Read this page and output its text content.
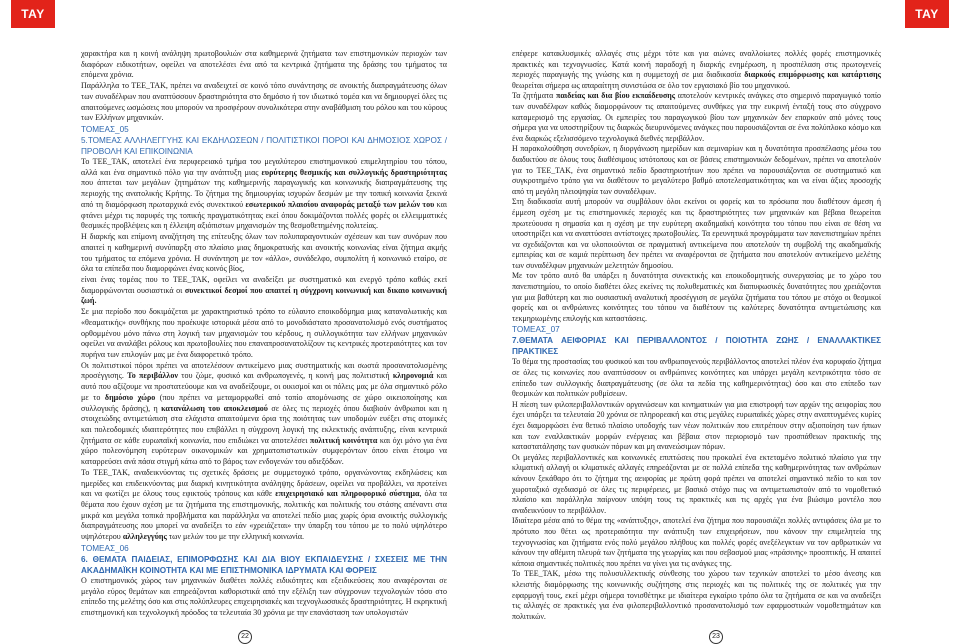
ΤΑΥ	ΤΑΥ

χαρακτήρα και η κοινή ανάληψη πρωτοβουλιών στα καθημερινά ζητήματα των επιστημονικών περιοχών των διαφόρων ειδικοτήτων, οφείλει να αποτελέσει ένα από τα κεντρικά ζητήματα της δράσης του τμήματος τα επόμενα χρόνια.

Παράλληλα το ΤΕΕ_ΤΑΚ, πρέπει να αναδειχτεί σε κοινό τόπο συνάντησης σε ανοικτής διαπραγμάτευσης όλων των συναδέλφων που αναπτύσσουν δραστηριότητα στο δημόσιο ή τον ιδιωτικό τομέα και να δημιουργεί όλες τις απαιτούμενες ωσμώσεις που μπορούν να προσφέρουν συνολικότερα στην αναβάθμιση του ρόλου και του κύρους των Ελλήνων μηχανικών.

ΤΟΜΕΑΣ_05

5.ΤΟΜΕΑΣ ΑΛΛΗΛΕΓΓΥΗΣ ΚΑΙ ΕΚΔΗΛΩΣΕΩΝ / ΠΟΛΙΤΙΣΤΙΚΟΙ ΠΟΡΟΙ ΚΑΙ ΔΗΜΟΣΙΟΣ ΧΩΡΟΣ / ΠΡΟΒΟΛΗ ΚΑΙ ΕΠΙΚΟΙΝΩΝΙΑ

Το ΤΕΕ_ΤΑΚ, αποτελεί ένα περιφερειακό τμήμα του μεγαλύτερου επιστημονικού επιμελητηρίου του τόπου, αλλά και ένα σημαντικό πόλο για την ανάπτυξη μιας ευρύτερης θεσμικής και συλλογικής δραστηριότητας που άπτεται των μεγάλων ζητημάτων της καθημερινής παραγωγικής και κοινωνικής διαπραγμάτευσης της περιοχής της ανατολικής Κρήτης. Το ζήτημα της δημιουργίας ισχυρών δεσμών με την τοπική κοινωνία ξεκινά από τη διαμόρφωση πρωταρχικά ενός συνεκτικού εσωτερικού πλαισίου αναφοράς μεταξύ των μελών του και φτάνει μέχρι τις παρυφές της τοπικής πραγματικότητας εκεί όπου δοκιμάζονται πολλές φορές οι ελλειμματικές θεσμικές προβλέψεις και η έλλειψη αξιόπιστων μηχανισμών της θεσμοθετημένης πολιτείας.

Η διαρκής και επίμονη αναζήτηση της επίτευξης όλων των πολυπαραγοντικών σχέσεων και των συνόρων που απαιτεί η καθημερινή συνύπαρξη στο πλαίσιο μιας δημοκρατικής και ανοικτής κοινωνίας είναι ζήτημα ακμής του τμήματος τα επόμενα χρόνια. Η συνάντηση με τον «άλλο», συνάδελφο, συμπολίτη ή κοινωνικό εταίρο, σε όλα τα επίπεδα που διαμορφώνει ένας κοινός βίος,

είναι ένας τομέας που το ΤΕΕ_ΤΑΚ, οφείλει να αναδείξει με συστηματικό και ενεργό τρόπο καθώς εκεί διαμορφώνονται ουσιαστικά οι συνεκτικοί δεσμοί που απαιτεί η σύγχρονη κοινωνική και δικαιο κοινωνική ζωή.

Σε μια περίοδο που δοκιμάζεται με χαρακτηριστικό τρόπο το εύλαυτο εποικοδόμημα μιας καταναλωτικής και «θεαματικής» συνθήκης που προέκυψε ιστορικά μέσα από το μονοδιάστατο προσανατολισμό ενός συστήματος ορθομμένου μόνο πάνω στη λογική των μηχανισμών του κέρδους, η συλλογικότητα των ελλήνων μηχανικών οφείλει να αναλάβει ρόλους και πρωτοβουλίες που επαναπροσανατολίζουν τις κεντρικές προτεραιότητες και τον πυρήνα των επιλογών μας με ένα διαφορετικό τρόπο.

Οι πολιτιστικοί πόροι πρέπει να αποτελέσουν αντικείμενο μιας συστηματικής και σωστά προσανατολισμένης προσέγγισης. Το περιβάλλον του ζώμε, φυσικό και ανθρωπογενές, η κοινή μας πολιτιστική κληρονομιά και αυτό που αξίζουμε να προστατεύουμε και να αναδείξουμε, οι οικισμοί και οι πόλεις μας με όλα σημαντικό ρόλο με το δημόσιο χώρο (που πρέπει να μεταμορφωθεί από τοπίο απομόνωσης σε χώρο οικειοποίησης και συλλογικής δράσης), η κατανάλωση του αποκλεισμού σε όλες τις περιοχές όπου διαβιούν άνθρωποι και η στοιχειώδης αντιμετώπιση στα ελάχιστα απαιτούμενα όρια της ποιότητας των υποδομών ευέξει στις ατομικές και πολεοδομικές ιδιαιτερότητες που επιβάλλει η σύγχρονη λογική της εκλεκτικής ανάπτυξης, είναι κεντρικά ζητήματα σε κάθε ευρωπαϊκή κοινωνία, που επιδιώκει να αποτελέσει πολιτική κοινότητα και όχι μόνο για ένα χώρο πολεονόμηση ευρύτερων οικονομικών και χρηματοπιστωτικών συμφερόντων όπου είναι έτοιμο να καταρρεύσει ανά πάσα στιγμή κάτω από το βάρος των ενδογενών του αδιεξόδων.

Το ΤΕΕ_ΤΑΚ, αναδεικνύοντας τις σχετικές δράσεις με συμμετοχικό τρόπο, οργανώνοντας εκδηλώσεις και ημερίδες και επιδεικνύοντας μια διαρκή κινητικότητα ανάληψης δράσεων, οφείλει να προβάλλει, να προτείνει και να φωτίζει με όλους τους εφικτούς τρόπους και κάθε επιχειρησιακό και πληροφορικό σύστημα, όλα τα θέματα που έχουν σχέση με τα ζητήματα της επιστημονικής, πολιτικής και πολιτικής του στάσης απέναντι στα μικρά και μεγάλα τοπικά προβλήματα και παράλληλα να αποτελεί πεδίο μιας χωρίς όρια ανοικτής συλλογικής διαπραγμάτευσης που μπορεί να αναδείξει το εάν «χρειάζεται» την ύπαρξη του τόπου με το πολύ υψηλότερο υψηλότερου αλληλεγγύης των μελών του με την ελληνική κοινωνία.

ΤΟΜΕΑΣ_06

6. ΘΕΜΑΤΑ ΠΑΙΔΕΙΑΣ, ΕΠΙΜΟΡΦΩΣΗΣ ΚΑΙ ΔΙΑ ΒΙΟΥ ΕΚΠΑΙΔΕΥΣΗΣ / ΣΧΕΣΕΙΣ ΜΕ ΤΗΝ ΑΚΑΔΗΜΑΪΚΗ ΚΟΙΝΟΤΗΤΑ ΚΑΙ ΜΕ ΕΠΙΣΤΗΜΟΝΙΚΑ ΙΔΡΥΜΑΤΑ ΚΑΙ ΦΟΡΕΙΣ

Ο επιστημονικός χώρος των μηχανικών διαθέτει πολλές ειδικότητες και εξειδικεύσεις που αναφέρονται σε μεγάλο εύρος θεμάτων και επηρεάζονται καθοριστικά από την εξέλιξη των σύγχρονων τεχνολογιών τόσο στο επίπεδο της μελέτης όσο και στις πολύπλευρες επιχειρησιακές και τεχνογλωσσικές δραστηριότητες. Η εκρηκτική επιστημονική και τεχνολογική πρόοδος τα τελευταία 30 χρόνια με την επανάσταση των υπολογιστών

επέφερε κατακλυσμικές αλλαγές στις μέχρι τότε και για αιώνες αναλλοίωτες πολλές φορές επιστημονικές πρακτικές και τεχνογνωσίες. Κατά κοινή παραδοχή η διαρκής ενημέρωση, η προσπέλαση στις πρωτογενείς περιοχές παραγωγής της γνώσης και η συμμετοχή σε μια διαδικασία διαρκούς επιμόρφωσης και κατάρτισης θεωρείται σήμερα ως απαραίτητη συνιστώσα σε όλο τον εργασιακό βίο του μηχανικού.

Τα ζητήματα παιδείας και δια βίου εκπαίδευσης αποτελούν κεντρικές ανάγκες στο σημερινό παραγωγικό τοπίο των συναδέλφων καθώς διαμορφώνουν τις απαιτούμενες συνθήκες για την ευκρινή ένταξή τους στο σύγχρονο καταμερισμό της εργασίας. Οι εμπειρίες του παραγωγικού βίου των μηχανικών δεν επαρκούν από μόνες τους σήμερα για να υποστηρίξουν τις διαρκώς διευρυνόμενες ανάγκες που παρουσιάζονται σε ένα πολύπλοκο κόσμο και ένα διαρκώς εξελισσόμενο τεχνολογικά διεθνές περιβάλλον.

Η παρακολούθηση συνεδρίων, η διοργάνωση ημερίδων και σεμιναρίων και η δυνατότητα προσπέλασης μέσω του διαδικτύου σε όλους τους διαθέσιμους ιστότοπους και σε βάσεις επιστημονικών δεδομένων, πρέπει να αποτελούν για το ΤΕΕ_ΤΑΚ, ένα σημαντικό πεδίο δραστηριοτήτων που πρέπει να παρουσιάζονται σε συστηματικό και συγκροτημένο τρόπο για να διαθέτουν το μεγαλύτερο βαθμό αποτελεσματικότητας και να είναι άξιες προσοχής από τη μεγάλη πλειοψηφία των συναδέλφων.

Στη διαδικασία αυτή μπορούν να συμβάλουν όλοι εκείνοι οι φορείς και το πρόσωπα που διαθέτουν άμεση ή έμμεση σχέση με τις επιστημονικές περιοχές και τις δραστηριότητες των μηχανικών και βέβαια θεωρείται πρωτεύουσα η σημασία και η σχέση με την ευρύτερη ακαδημαϊκή κοινότητα του τόπου που είναι σε θέση να υποστηρίξει και να αναπτύσσει αντίστοιχες πρωτοβουλίες. Τα ερευνητικά προγράμματα των πανεπιστημίων πρέπει να σχεδιάζονται και να υλοποιούνται σε πραγματική αντικείμενα που αποτελούν τη συμβολή της ακαδημαϊκής εμπειρίας και σε καμιά περίπτωση δεν πρέπει να αναφέρονται σε ζητήματα που αποτελούν αντικείμενο μελέτης των συναδέλφων μηχανικών μελετητών δημοσίου.

Με τον τρόπο αυτό θα υπάρξει η δυνατότητα συνεκτικής και εποικοδομητικής συνεργασίας με το χώρο του πανεπιστημίου, το οποίο διαθέτει όλες εκείνες τις πολυθεματικές και διαπυφωσικές δυνατότητες που χρειάζονται για μια βαθύτερη και πιο ουσιαστική αναλυτική προσέγγιση σε μεγάλα ζητήματα του τόπου με στόχο οι θεσμικοί φορείς και οι ανθρώπινες κοινότητες του τόπου να διαθέτουν τις καλύτερες δυνατότητα αντιμετώπισης και τεκμηριωμένης επιλογής και καταστάσεις.

ΤΟΜΕΑΣ_07

7.ΘΕΜΑΤΑ ΑΕΙΦΟΡΙΑΣ ΚΑΙ ΠΕΡΙΒΑΛΛΟΝΤΟΣ / ΠΟΙΟΤΗΤΑ ΖΩΗΣ / ΕΝΑΛΛΑΚΤΙΚΕΣ ΠΡΑΚΤΙΚΕΣ

Το θέμα της προστασίας του φυσικού και του ανθρωπογενούς περιβάλλοντος αποτελεί πλέον ένα κορυφαίο ζήτημα σε όλες τις κοινωνίες που αναπτύσσουν οι ανθρώπινες κοινότητες και υπάρχει μεγάλη κεντρικότητα τόσο σε επίπεδο των συλλογικής διαπραγμάτευσης (σε όλα τα πεδία της καθημερινότητας) όσο και στο επίπεδο των θεσμικών και πολιτικών ρυθμίσεων.

Η πίεση των φιλοπεριβαλλοντικών οργανώσεων και κινηματικών για μια επιστροφή των αρχών της αειφορίας που έχει υπάρξει τα τελευταία 20 χρόνια σε πληρορεακή και στις μεγάλες ευρωπαϊκές χώρες στην αναπτυγμένες κυρίες έχει διαμορφώσει ένα θετικό πλαίσιο υποδοχής των νέων πολιτικών που επιτρέπουν στην αξιοποίηση των ήπιων και των εναλλακτικών μορφών ενέργειας και βέβαια στον περιορισμό των προσπάθειων πρακτικής της καταστατάλησης των φυσικών πόρων και μη ανανεώσιμων πόρων.

Οι μεγάλες περιβαλλοντικές και κοινωνικές επιπτώσεις που προκαλεί ένα εκτεταμένο πολιτικό πλαίσιο για την κλιματική αλλαγή οι κλιματικές αλλαγές επηρεάζονται με σε πολλά επίπεδα της καθημερινότητας των ανθρώπων κάνουν ξεκάθαρο ότι το ζήτημα της αειφορίας με πρώτη φορά πρέπει να αποτελεί σημαντικό πεδίο το και τον χωροταξικό σχεδιασμό σε όλες τις περιφέρειες, με βασικό στόχο πως να αντιμετωπιστούν από το νομοθετικό πλαίσιο και παράλληλα παίρνουν υπόψη τους τις πρακτικές και τις αρχές για ένα βιώσιμο μοντέλο που αναδεικνύουν το περιβάλλον.

Ιδιαίτερα μέσα από το θέμα της «ανάπτυξης», αποτελεί ένα ζήτημα που παρουσιάζει πολλές αντιφάσεις όλα με το πρότυπο που θέτει ως προτεραιότητα την ανάπτυξη των επιχειρήσεων, που κάνουν την επιμελητεία της τεχνογνωσίας και ζητήματα ενός πολύ μεγάλου πλήθους και πολλές φορές ανεξέλεγκτων να τον αρθρωτικών να κάνουν την αθέμιτη πλευρά των ζητήματα της γεωργίας και που σεβασμού μιας «πράσινης» προοπτικής. Η απαιτεί κάποια σημαντικές πολιτικές που πρέπει να γίνει για τις ανάγκες της.

Το ΤΕΕ_ΤΑΚ, μέσω της πολυσυλλεκτικής σύνθεσης του χώρου των τεχνικών αποτελεί το μέσο άνεσης και κλειστής διαμόρφωσης της κοινωνικής συζήτησης στις περιοχές και τις πολιτικές της σε πολιτικές για την εφαρμογή τους, εκεί μέχρι σήμερα τονισθέτηκε με ιδιαίτερα εγκαίριο τρόπο όλα τα ζητήματα σε και να αναδείξει τις αλλαγές σε πρακτικές για ένα φιλοπεριβαλλοντικό προσανατολισμό των εφαρμοστικών νομοθετημάτων και πολιτικών.

22	23
